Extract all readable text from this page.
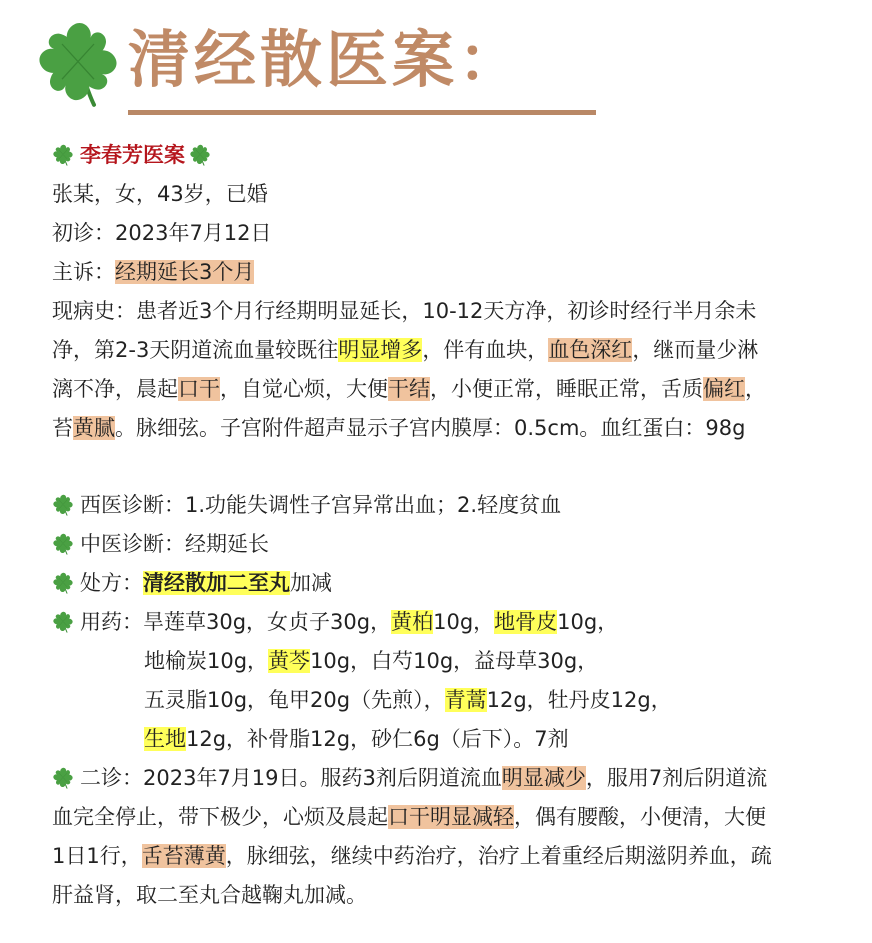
清经散医案：
李春芳医案
张某，女，43岁，已婚
初诊：2023年7月12日
主诉：经期延长3个月
现病史：患者近3个月行经期明显延长，10-12天方净，初诊时经行半月余未
净，第2-3天阴道流血量较既往明显增多，伴有血块，血色深红，继而量少淋
漓不净，晨起口干，自觉心烦，大便干结，小便正常，睡眠正常，舌质偏红，
苔黄腻。脉细弦。子宫附件超声显示子宫内膜厚：0.5cm。血红蛋白：98g
西医诊断：1.功能失调性子宫异常出血；2.轻度贫血
中医诊断：经期延长
处方：清经散加二至丸加减
用药：旱莲草30g，女贞子30g，黄柏10g，地骨皮10g，
地榆炭10g，黄芩10g，白芍10g，益母草30g，
五灵脂10g，龟甲20g（先煎），青蒿12g，牡丹皮12g，
生地12g，补骨脂12g，砂仁6g（后下）。7剂
二诊：2023年7月19日。服药3剂后阴道流血明显减少，服用7剂后阴道流
血完全停止，带下极少，心烦及晨起口干明显减轻，偶有腰酸，小便清，大便
1日1行，舌苔薄黄，脉细弦，继续中药治疗，治疗上着重经后期滋阴养血，疏
肝益肾，取二至丸合越鞠丸加减。
